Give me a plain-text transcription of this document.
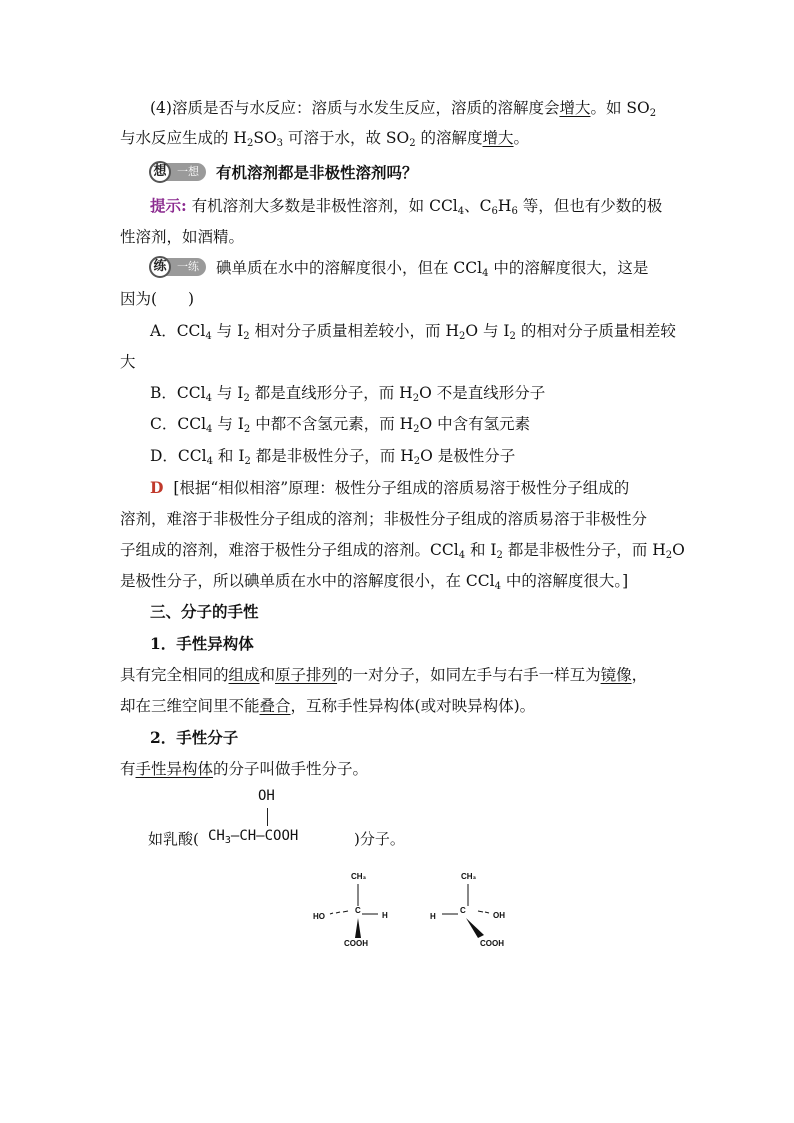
(4)溶质是否与水反应：溶质与水发生反应，溶质的溶解度会增大。如 $SO_2$
与水反应生成的 $H_2SO_3$ 可溶于水，故 $SO_2$ 的溶解度增大。
想 一想	有机溶剂都是非极性溶剂吗？
提示: 有机溶剂大多数是非极性溶剂，如 CCl$_4$、$C_6H_6$ 等，但也有少数的极
性溶剂，如酒精。
练 一练	碘单质在水中的溶解度很小，但在 CCl$_4$ 中的溶解度很大，这是
因为(　　)
A．CCl$_4$ 与 $I_2$ 相对分子质量相差较小，而 $H_2O$ 与 $I_2$ 的相对分子质量相差较
大
B．CCl$_4$ 与 $I_2$ 都是直线形分子，而 $H_2O$ 不是直线形分子
C．CCl$_4$ 与 $I_2$ 中都不含氢元素，而 $H_2O$ 中含有氢元素
D．CCl$_4$ 和 $I_2$ 都是非极性分子，而 $H_2O$ 是极性分子
D [根据“相似相溶”原理：极性分子组成的溶质易溶于极性分子组成的
溶剂，难溶于非极性分子组成的溶剂；非极性分子组成的溶质易溶于非极性分
子组成的溶剂，难溶于极性分子组成的溶剂。CCl$_4$ 和 $I_2$ 都是非极性分子，而 $H_2O$
是极性分子，所以碘单质在水中的溶解度很小，在 CCl$_4$ 中的溶解度很大。]
三、分子的手性
1．手性异构体
具有完全相同的组成和原子排列的一对分子，如同左手与右手一样互为镜像，
却在三维空间里不能叠合，互称手性异构体(或对映异构体)。
2．手性分子
有手性异构体的分子叫做手性分子。
如乳酸(
OH
$CH_3—CH—COOH$	)分子。
CH₃
HO
C
H
COOH
CH₃
H
C
OH
COOH
